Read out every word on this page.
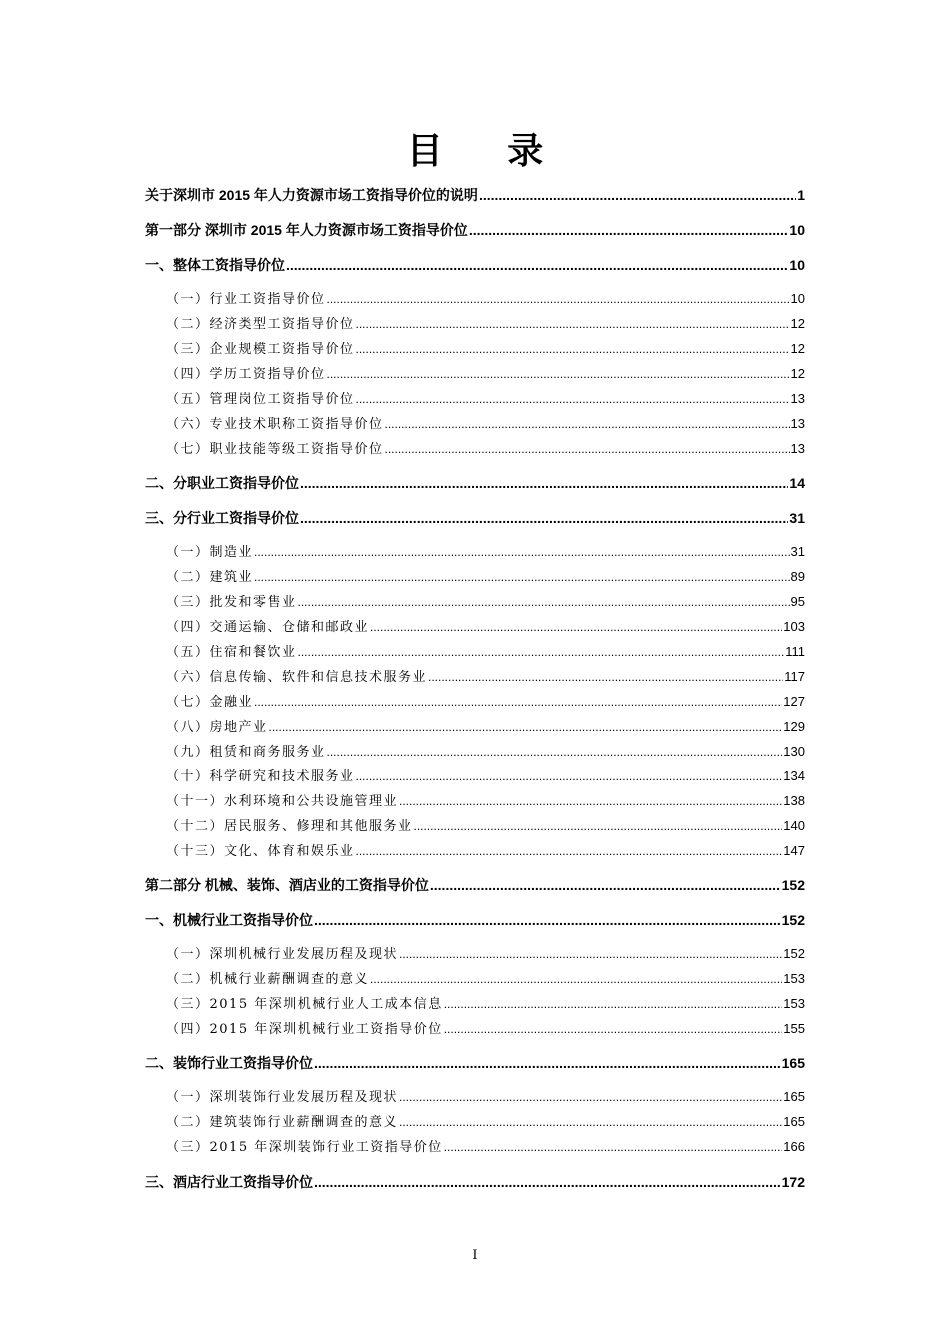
目 录
关于深圳市 2015 年人力资源市场工资指导价位的说明 .....	1
第一部分 深圳市 2015 年人力资源市场工资指导价位 .....	10
一、整体工资指导价位 .....	10
（一）行业工资指导价位 .....	10
（二）经济类型工资指导价位 .....	12
（三）企业规模工资指导价位 .....	12
（四）学历工资指导价位 .....	12
（五）管理岗位工资指导价位 .....	13
（六）专业技术职称工资指导价位 .....	13
（七）职业技能等级工资指导价位 .....	13
二、分职业工资指导价位 .....	14
三、分行业工资指导价位 .....	31
（一）制造业 .....	31
（二）建筑业 .....	89
（三）批发和零售业 .....	95
（四）交通运输、仓储和邮政业 .....	103
（五）住宿和餐饮业 .....	111
（六）信息传输、软件和信息技术服务业 .....	117
（七）金融业 .....	127
（八）房地产业 .....	129
（九）租赁和商务服务业 .....	130
（十）科学研究和技术服务业 .....	134
（十一）水利环境和公共设施管理业 .....	138
（十二）居民服务、修理和其他服务业 .....	140
（十三）文化、体育和娱乐业 .....	147
第二部分 机械、装饰、酒店业的工资指导价位 .....	152
一、机械行业工资指导价位 .....	152
（一）深圳机械行业发展历程及现状 .....	152
（二）机械行业薪酬调查的意义 .....	153
（三）2015 年深圳机械行业人工成本信息 .....	153
（四）2015 年深圳机械行业工资指导价位 .....	155
二、装饰行业工资指导价位 .....	165
（一）深圳装饰行业发展历程及现状 .....	165
（二）建筑装饰行业薪酬调查的意义 .....	165
（三）2015 年深圳装饰行业工资指导价位 .....	166
三、酒店行业工资指导价位 .....	172
I
